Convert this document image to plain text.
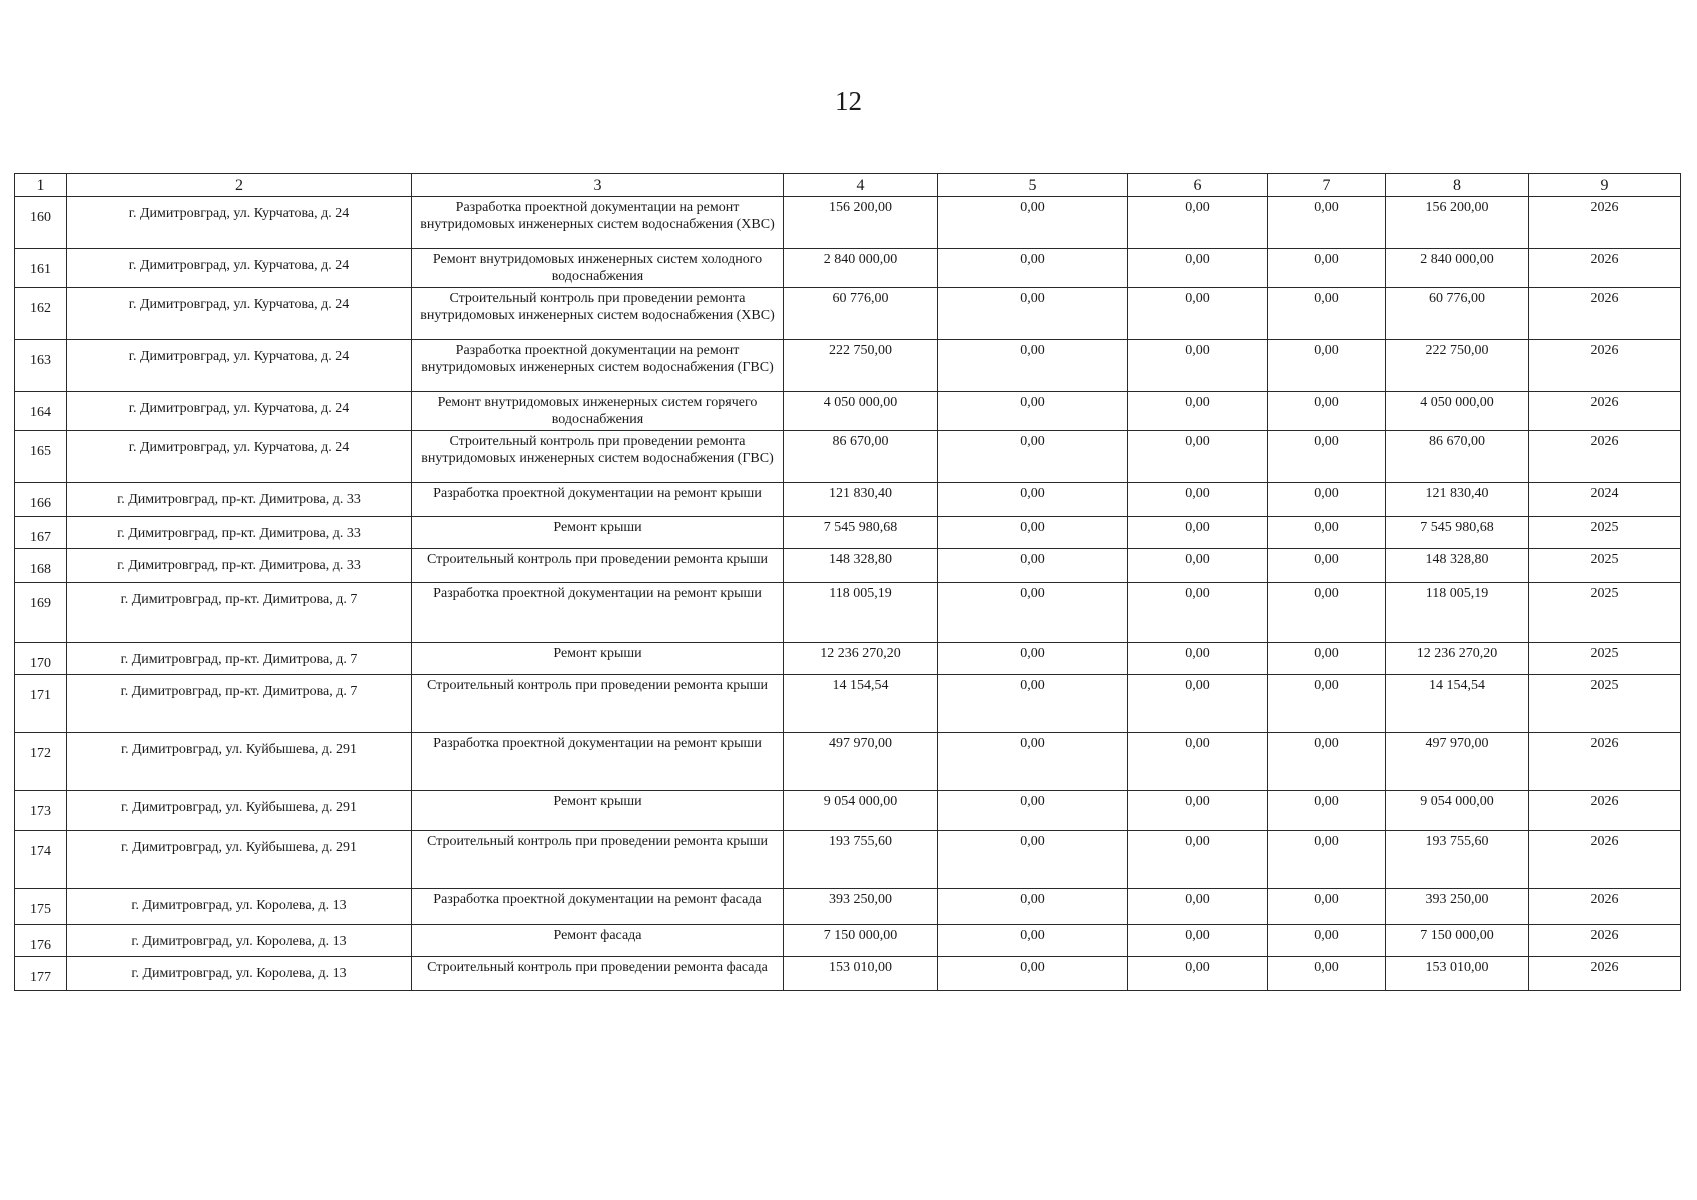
12
1	2	3	4	5	6	7	8	9
160	г. Димитровград, ул. Курчатова, д. 24	Разработка проектной документации на ремонт внутридомовых инженерных систем водоснабжения (ХВС)	156 200,00	0,00	0,00	0,00	156 200,00	2026
161	г. Димитровград, ул. Курчатова, д. 24	Ремонт внутридомовых инженерных систем холодного водоснабжения	2 840 000,00	0,00	0,00	0,00	2 840 000,00	2026
162	г. Димитровград, ул. Курчатова, д. 24	Строительный контроль при проведении ремонта внутридомовых инженерных систем водоснабжения (ХВС)	60 776,00	0,00	0,00	0,00	60 776,00	2026
163	г. Димитровград, ул. Курчатова, д. 24	Разработка проектной документации на ремонт внутридомовых инженерных систем водоснабжения (ГВС)	222 750,00	0,00	0,00	0,00	222 750,00	2026
164	г. Димитровград, ул. Курчатова, д. 24	Ремонт внутридомовых инженерных систем горячего водоснабжения	4 050 000,00	0,00	0,00	0,00	4 050 000,00	2026
165	г. Димитровград, ул. Курчатова, д. 24	Строительный контроль при проведении ремонта внутридомовых инженерных систем водоснабжения (ГВС)	86 670,00	0,00	0,00	0,00	86 670,00	2026
166	г. Димитровград, пр-кт. Димитрова, д. 33	Разработка проектной документации на ремонт крыши	121 830,40	0,00	0,00	0,00	121 830,40	2024
167	г. Димитровград, пр-кт. Димитрова, д. 33	Ремонт крыши	7 545 980,68	0,00	0,00	0,00	7 545 980,68	2025
168	г. Димитровград, пр-кт. Димитрова, д. 33	Строительный контроль при проведении ремонта крыши	148 328,80	0,00	0,00	0,00	148 328,80	2025
169	г. Димитровград, пр-кт. Димитрова, д. 7	Разработка проектной документации на ремонт крыши	118 005,19	0,00	0,00	0,00	118 005,19	2025
170	г. Димитровград, пр-кт. Димитрова, д. 7	Ремонт крыши	12 236 270,20	0,00	0,00	0,00	12 236 270,20	2025
171	г. Димитровград, пр-кт. Димитрова, д. 7	Строительный контроль при проведении ремонта крыши	14 154,54	0,00	0,00	0,00	14 154,54	2025
172	г. Димитровград, ул. Куйбышева, д. 291	Разработка проектной документации на ремонт крыши	497 970,00	0,00	0,00	0,00	497 970,00	2026
173	г. Димитровград, ул. Куйбышева, д. 291	Ремонт крыши	9 054 000,00	0,00	0,00	0,00	9 054 000,00	2026
174	г. Димитровград, ул. Куйбышева, д. 291	Строительный контроль при проведении ремонта крыши	193 755,60	0,00	0,00	0,00	193 755,60	2026
175	г. Димитровград, ул. Королева, д. 13	Разработка проектной документации на ремонт фасада	393 250,00	0,00	0,00	0,00	393 250,00	2026
176	г. Димитровград, ул. Королева, д. 13	Ремонт фасада	7 150 000,00	0,00	0,00	0,00	7 150 000,00	2026
177	г. Димитровград, ул. Королева, д. 13	Строительный контроль при проведении ремонта фасада	153 010,00	0,00	0,00	0,00	153 010,00	2026
